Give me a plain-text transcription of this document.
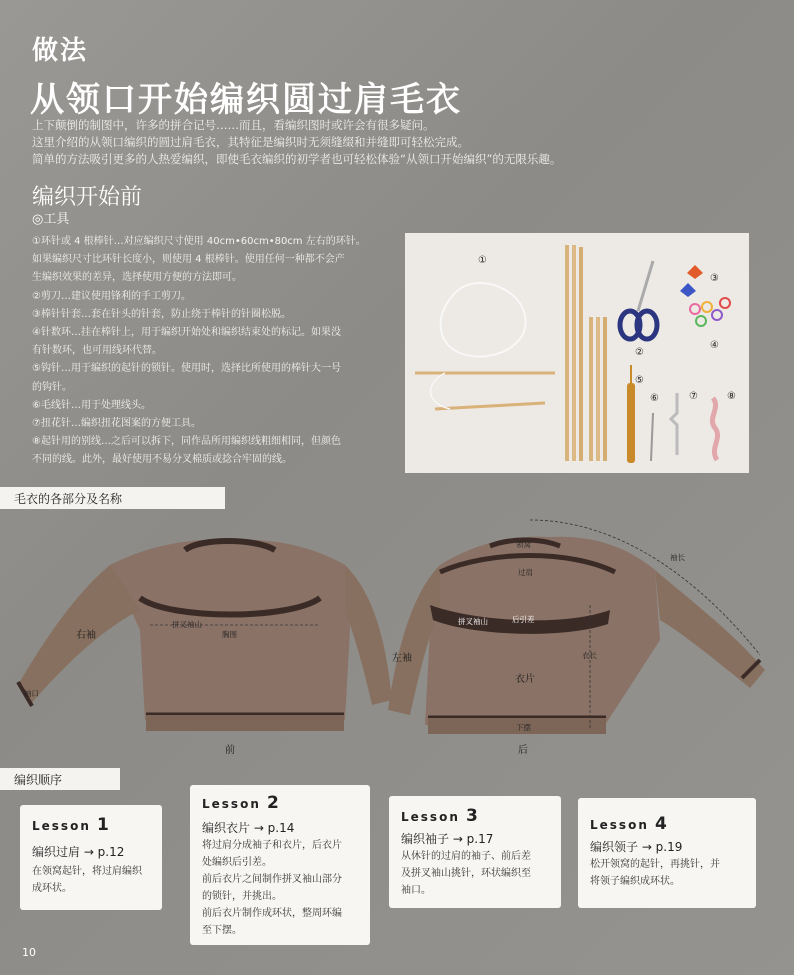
做法
从领口开始编织圆过肩毛衣
上下颠倒的制图中，许多的拼合记号……而且，看编织图时或许会有很多疑问。
这里介绍的从领口编织的圆过肩毛衣，其特征是编织时无须缝缀和并缝即可轻松完成。
简单的方法吸引更多的人热爱编织，即使毛衣编织的初学者也可轻松体验“从领口开始编织”的无限乐趣。
编织开始前
◎工具

①环针或 4 根棒针…对应编织尺寸使用 40cm•60cm•80cm 左右的环针。

如果编织尺寸比环针长度小，则使用 4 根棒针。使用任何一种都不会产

生编织效果的差异，选择使用方便的方法即可。

②剪刀…建议使用锋利的手工剪刀。

③棒针针套…套在针头的针套，防止绕于棒针的针圈松脱。

④针数环…挂在棒针上，用于编织开始处和编织结束处的标记。如果没

有针数环，也可用线环代替。

⑤钩针…用于编织的起针的锁针。使用时，选择比所使用的棒针大一号

的钩针。

⑥毛线针…用于处理线头。

⑦扭花针…编织扭花图案的方便工具。

⑧起针用的别线…之后可以拆下，同作品所用编织线粗细相同，但颜色

不同的线。此外，最好使用不易分叉棉质或捻合牢固的线。

①
②
③
④
⑤
⑥	⑦	⑧
毛衣的各部分及名称
右袖
袖口
拼叉袖山
胸围
前
领窝
过肩
拼叉袖山	后引差
左袖
衣片
下摆
衣长
袖长
后
编织顺序
Lesson 1
编织过肩 → p.12

在领窝起针，将过肩编织

成环状。

Lesson 2
编织衣片 → p.14

将过肩分成袖子和衣片，后衣片

处编织后引差。

前后衣片之间制作拼叉袖山部分

的锁针，并挑出。

前后衣片制作成环状，整周环编

至下摆。

Lesson 3
编织袖子 → p.17

从休针的过肩的袖子、前后差

及拼叉袖山挑针，环状编织至

袖口。

Lesson 4
编织领子 → p.19

松开领窝的起针，再挑针，并

将领子编织成环状。

10
